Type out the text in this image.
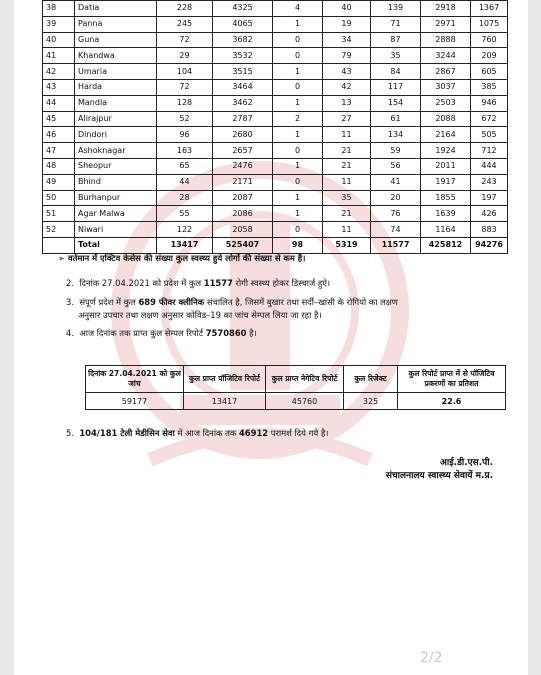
38	Datia	228	4325	4	40	139	2918	1367
39	Panna	245	4065	1	19	71	2971	1075
40	Guna	72	3682	0	34	87	2888	760
41	Khandwa	29	3532	0	79	35	3244	209
42	Umaria	104	3515	1	43	84	2867	605
43	Harda	72	3464	0	42	117	3037	385
44	Mandla	128	3462	1	13	154	2503	946
45	Alirajpur	52	2787	2	27	61	2088	672
46	Dindori	96	2680	1	11	134	2164	505
47	Ashoknagar	163	2657	0	21	59	1924	712
48	Sheopur	65	2476	1	21	56	2011	444
49	Bhind	44	2171	0	11	41	1917	243
50	Burhanpur	28	2087	1	35	20	1855	197
51	Agar Malwa	55	2086	1	21	76	1639	426
52	Niwari	122	2058	0	11	74	1164	883
	Total	13417	525407	98	5319	11577	425812	94276
➢ वर्तमान में एक्टिव केसेस की संख्या कुल स्वस्थ्य हुये लोगों की संख्या से कम है।
2. दिनांक 27.04.2021 को प्रदेश में कुल 11577 रोगी स्वस्थ्य होकर डिस्चार्ज हुऐ।
3. संपूर्ण प्रदेश में कुल 689 फीवर क्लीनिक संचालित है, जिसमें बुखार तथा सर्दी–खांसी के रोगियो का लक्षण
अनुसार उपचार तथा लक्षण अनुसार कोविड–19 का जांच सेम्पल लिया जा रहा है।
4. आज दिनांक तक प्राप्त कुल सेम्पल रिपोर्ट 7570860 है।
दिनांक 27.04.2021 को कुल जांच	कुल प्राप्त पॉजिटिव रिपोर्ट	कुल प्राप्त नेगेटिव रिपोर्ट	कुल रिजेक्ट	कुल रिपोर्ट प्राप्त में से पॉजिटिव प्रकरणों का प्रतिशत
59177	13417	45760	325	22.6
5. 104/181 टेली मेडीसिन सेवा में आज दिनांक तक 46912 परामर्श दिये गये है।
आई.डी.एस.पी.
संचालनालय स्वास्थ्य सेवायें म.प्र.
2/2
